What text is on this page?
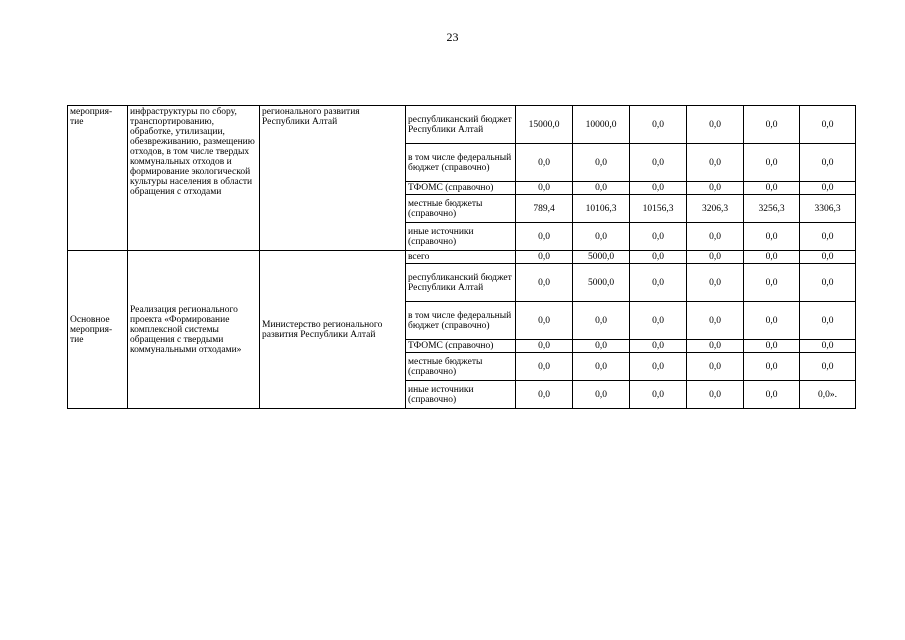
23
мероприя-
тие	инфраструктуры по сбору, транспортированию, обработке, утилизации, обезвреживанию, размещению отходов, в том числе твердых коммунальных отходов и формирование экологической культуры населения в области обращения с отходами	регионального развития Республики Алтай	республиканский бюджет Республики Алтай	15000,0	10000,0	0,0	0,0	0,0	0,0
			в том числе федеральный бюджет (справочно)	0,0	0,0	0,0	0,0	0,0	0,0
			ТФОМС (справочно)	0,0	0,0	0,0	0,0	0,0	0,0
			местные бюджеты (справочно)	789,4	10106,3	10156,3	3206,3	3256,3	3306,3
			иные источники (справочно)	0,0	0,0	0,0	0,0	0,0	0,0
Основное мероприя-тие	Реализация регионального проекта «Формирование комплексной системы обращения с твердыми коммунальными отходами»	Министерство регионального развития Республики Алтай	всего	0,0	5000,0	0,0	0,0	0,0	0,0
			республиканский бюджет Республики Алтай	0,0	5000,0	0,0	0,0	0,0	0,0
			в том числе федеральный бюджет (справочно)	0,0	0,0	0,0	0,0	0,0	0,0
			ТФОМС (справочно)	0,0	0,0	0,0	0,0	0,0	0,0
			местные бюджеты (справочно)	0,0	0,0	0,0	0,0	0,0	0,0
			иные источники (справочно)	0,0	0,0	0,0	0,0	0,0	0,0».
